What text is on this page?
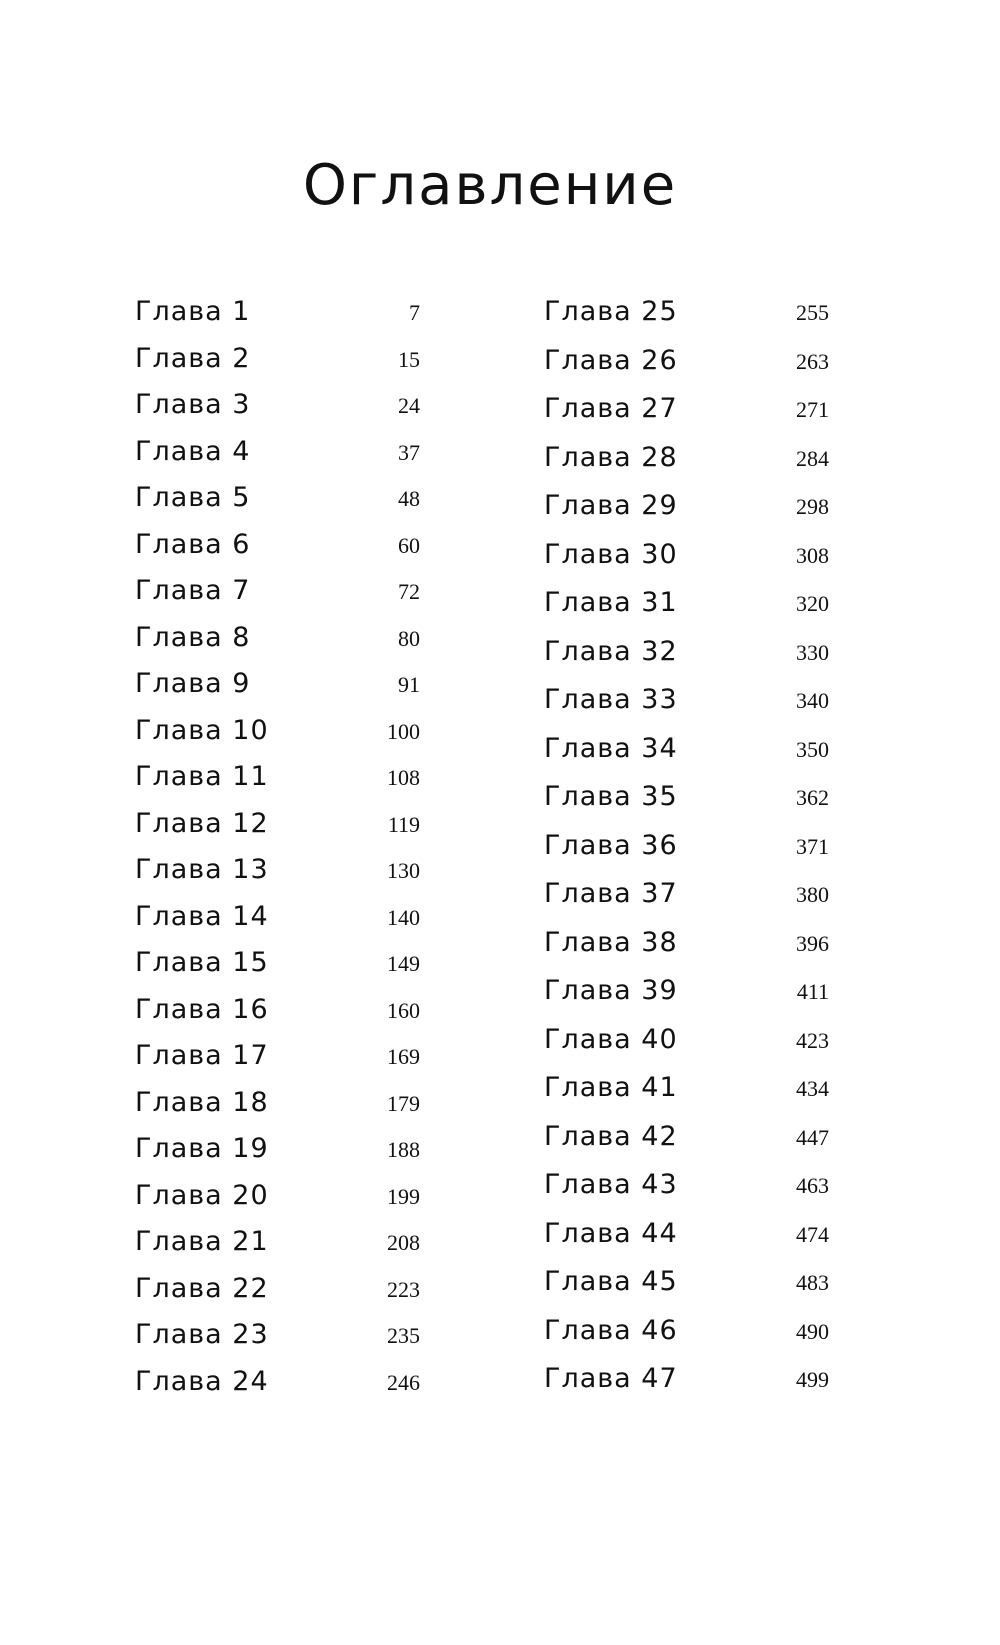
Оглавление
Глава 1	7
Глава 2	15
Глава 3	24
Глава 4	37
Глава 5	48
Глава 6	60
Глава 7	72
Глава 8	80
Глава 9	91
Глава 10	100
Глава 11	108
Глава 12	119
Глава 13	130
Глава 14	140
Глава 15	149
Глава 16	160
Глава 17	169
Глава 18	179
Глава 19	188
Глава 20	199
Глава 21	208
Глава 22	223
Глава 23	235
Глава 24	246
Глава 25	255
Глава 26	263
Глава 27	271
Глава 28	284
Глава 29	298
Глава 30	308
Глава 31	320
Глава 32	330
Глава 33	340
Глава 34	350
Глава 35	362
Глава 36	371
Глава 37	380
Глава 38	396
Глава 39	411
Глава 40	423
Глава 41	434
Глава 42	447
Глава 43	463
Глава 44	474
Глава 45	483
Глава 46	490
Глава 47	499
